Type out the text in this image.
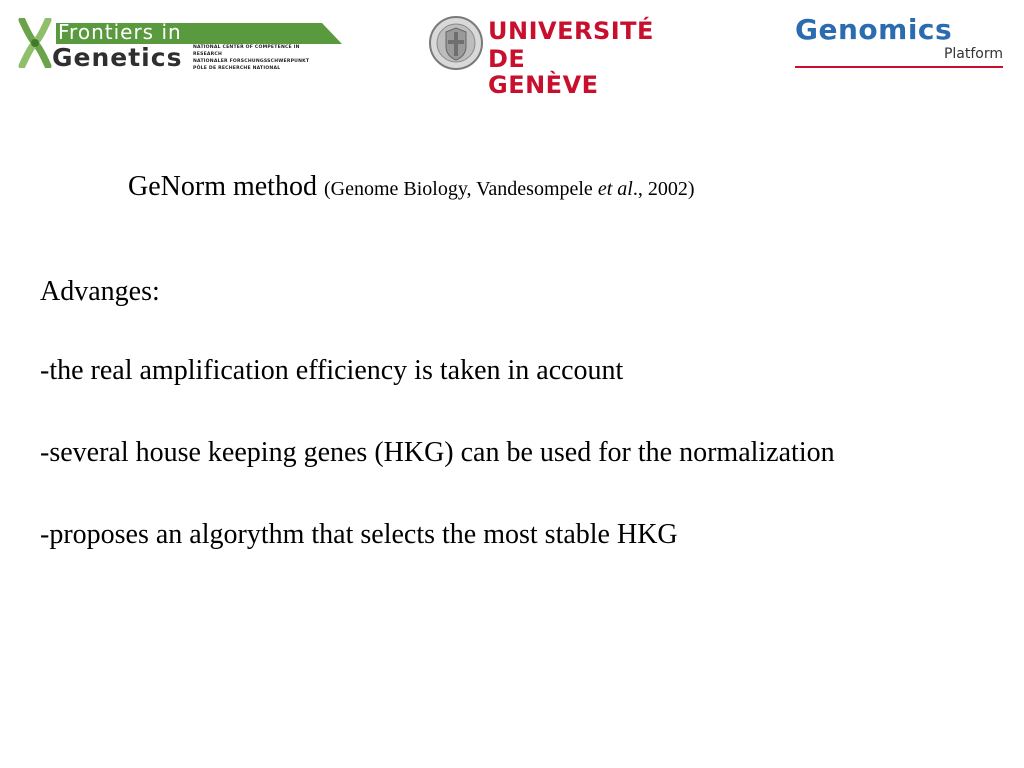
Frontiers in
Genetics NATIONAL CENTER OF COMPETENCE IN RESEARCH
NATIONALER FORSCHUNGSSCHWERPUNKT
PÔLE DE RECHERCHE NATIONAL
UNIVERSITÉ
DE GENÈVE
Genomics
Platform
GeNorm method (Genome Biology, Vandesompele et al., 2002)
Advanges:
-the real amplification efficiency is taken in account
-several house keeping genes (HKG) can be used for the normalization
-proposes an algorythm that selects the most stable HKG
